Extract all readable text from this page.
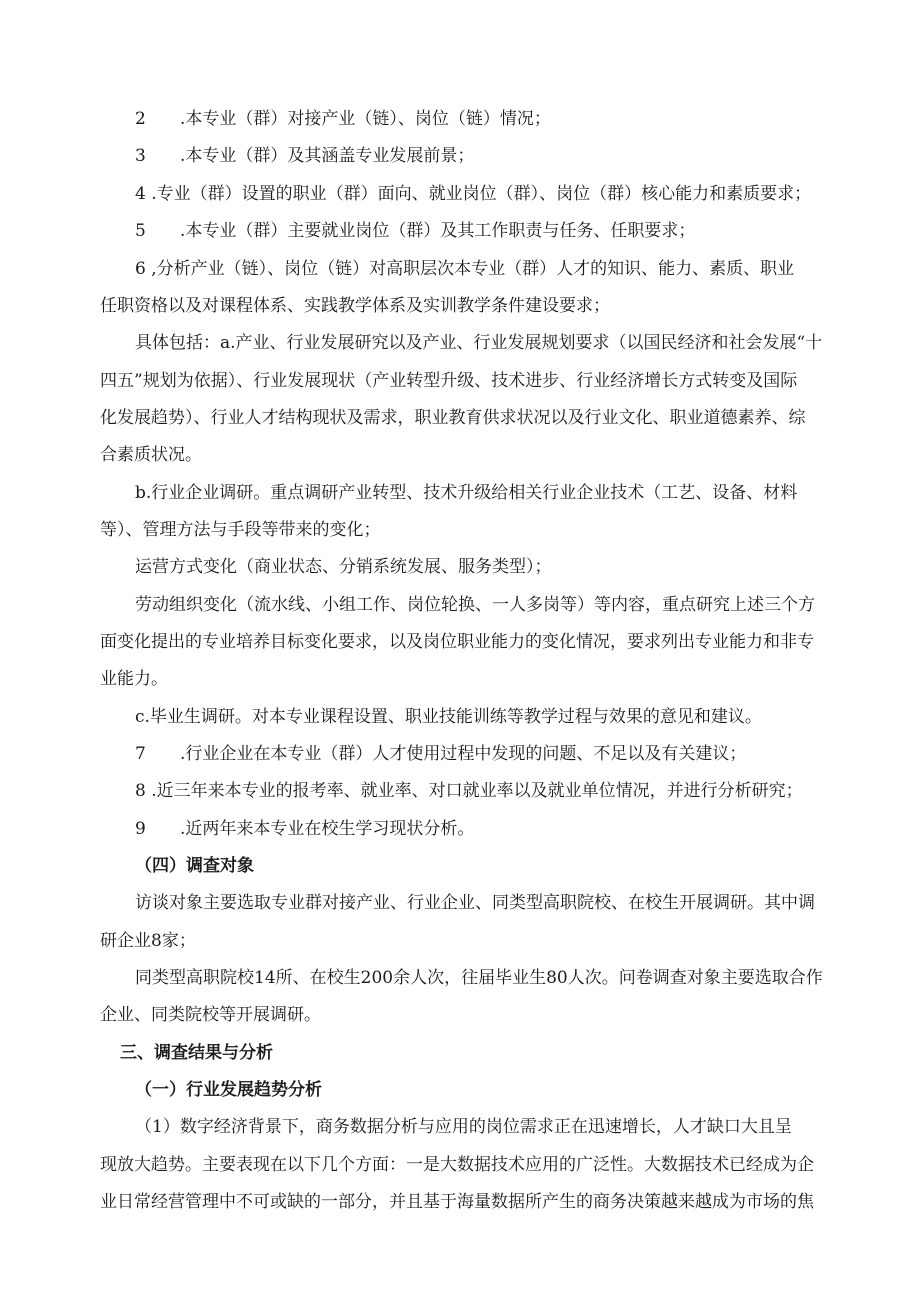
2 .本专业（群）对接产业（链）、岗位（链）情况；
3 .本专业（群）及其涵盖专业发展前景；
4 .专业（群）设置的职业（群）面向、就业岗位（群）、岗位（群）核心能力和素质要求；
5 .本专业（群）主要就业岗位（群）及其工作职责与任务、任职要求；
6 ,分析产业（链）、岗位（链）对高职层次本专业（群）人才的知识、能力、素质、职业
任职资格以及对课程体系、实践教学体系及实训教学条件建设要求；
具体包括：a.产业、行业发展研究以及产业、行业发展规划要求（以国民经济和社会发展“十
四五”规划为依据）、行业发展现状（产业转型升级、技术进步、行业经济增长方式转变及国际
化发展趋势）、行业人才结构现状及需求，职业教育供求状况以及行业文化、职业道德素养、综
合素质状况。
b.行业企业调研。重点调研产业转型、技术升级给相关行业企业技术（工艺、设备、材料
等）、管理方法与手段等带来的变化；
运营方式变化（商业状态、分销系统发展、服务类型）；
劳动组织变化（流水线、小组工作、岗位轮换、一人多岗等）等内容，重点研究上述三个方
面变化提出的专业培养目标变化要求，以及岗位职业能力的变化情况，要求列出专业能力和非专
业能力。
c.毕业生调研。对本专业课程设置、职业技能训练等教学过程与效果的意见和建议。
7 .行业企业在本专业（群）人才使用过程中发现的问题、不足以及有关建议；
8 .近三年来本专业的报考率、就业率、对口就业率以及就业单位情况，并进行分析研究；
9 .近两年来本专业在校生学习现状分析。
（四）调查对象
访谈对象主要选取专业群对接产业、行业企业、同类型高职院校、在校生开展调研。其中调
研企业8家；
同类型高职院校14所、在校生200余人次，往届毕业生80人次。问卷调查对象主要选取合作
企业、同类院校等开展调研。
三、调查结果与分析
（一）行业发展趋势分析
（1）数字经济背景下，商务数据分析与应用的岗位需求正在迅速增长，人才缺口大且呈
现放大趋势。主要表现在以下几个方面：一是大数据技术应用的广泛性。大数据技术已经成为企
业日常经营管理中不可或缺的一部分，并且基于海量数据所产生的商务决策越来越成为市场的焦
